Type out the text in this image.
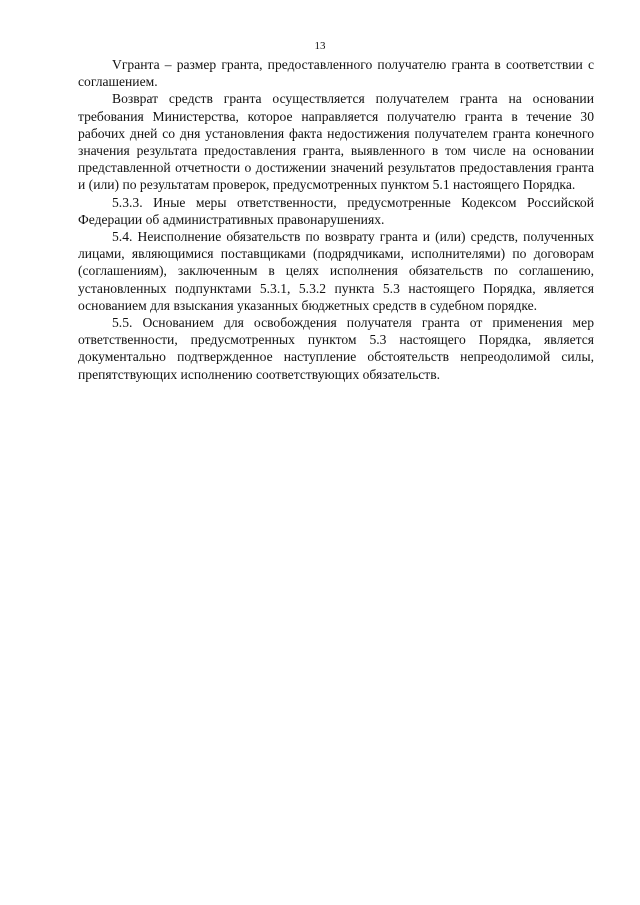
13

Vгранта – размер гранта, предоставленного получателю гранта в соответствии с соглашением.

Возврат средств гранта осуществляется получателем гранта на основании требования Министерства, которое направляется получателю гранта в течение 30 рабочих дней со дня установления факта недостижения получателем гранта конечного значения результата предоставления гранта, выявленного в том числе на основании представленной отчетности о достижении значений результатов предоставления гранта и (или) по результатам проверок, предусмотренных пунктом 5.1 настоящего Порядка.

5.3.3. Иные меры ответственности, предусмотренные Кодексом Российской Федерации об административных правонарушениях.

5.4. Неисполнение обязательств по возврату гранта и (или) средств, полученных лицами, являющимися поставщиками (подрядчиками, исполнителями) по договорам (соглашениям), заключенным в целях исполнения обязательств по соглашению, установленных подпунктами 5.3.1, 5.3.2 пункта 5.3 настоящего Порядка, является основанием для взыскания указанных бюджетных средств в судебном порядке.

5.5. Основанием для освобождения получателя гранта от применения мер ответственности, предусмотренных пунктом 5.3 настоящего Порядка, является документально подтвержденное наступление обстоятельств непреодолимой силы, препятствующих исполнению соответствующих обязательств.
